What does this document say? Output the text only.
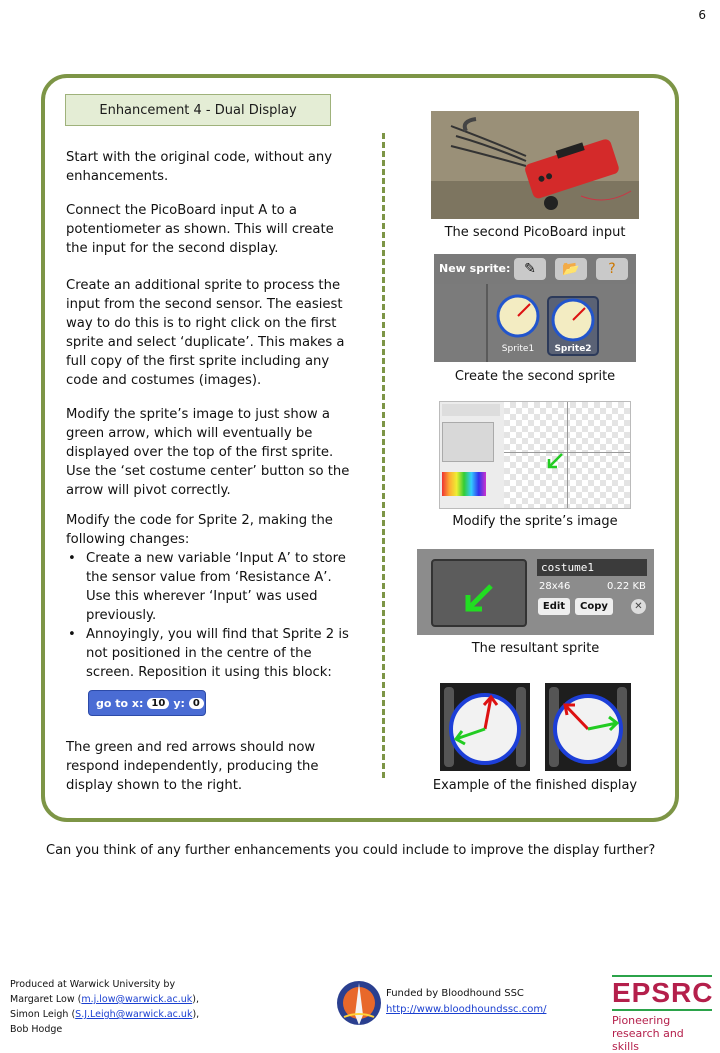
6
Enhancement 4 - Dual Display
Start with the original code, without any enhancements.
Connect the PicoBoard input A to a potentiometer as shown. This will create the input for the second display.
Create an additional sprite to process the input from the second sensor. The easiest way to do this is to right click on the first sprite and select ‘duplicate’. This makes a full copy of the first sprite including any code and costumes (images).
Modify the sprite’s image to just show a green arrow, which will eventually be displayed over the top of the first sprite. Use the ‘set costume center’ button so the arrow will pivot correctly.
Modify the code for Sprite 2, making the following changes:
• Create a new variable ‘Input A’ to store the sensor value from ‘Resistance A’. Use this wherever ‘Input’ was used previously.
• Annoyingly, you will find that Sprite 2 is not positioned in the centre of the screen. Reposition it using this block:
go to x: 10 y: 0
The green and red arrows should now respond independently, producing the display shown to the right.
The second PicoBoard input
New sprite: ✎	📂	?
Sprite1	Sprite2
Create the second sprite
Modify the sprite’s image
costume1
28x46	0.22 KB
Edit	Copy	✕
The resultant sprite
Example of the finished display
Can you think of any further enhancements you could include to improve the display further?
Produced at Warwick University by
Margaret Low (m.j.low@warwick.ac.uk),
Simon Leigh (S.J.Leigh@warwick.ac.uk),
Bob Hodge
Funded by Bloodhound SSC
http://www.bloodhoundssc.com/
EPSRC
Pioneering research and skills
